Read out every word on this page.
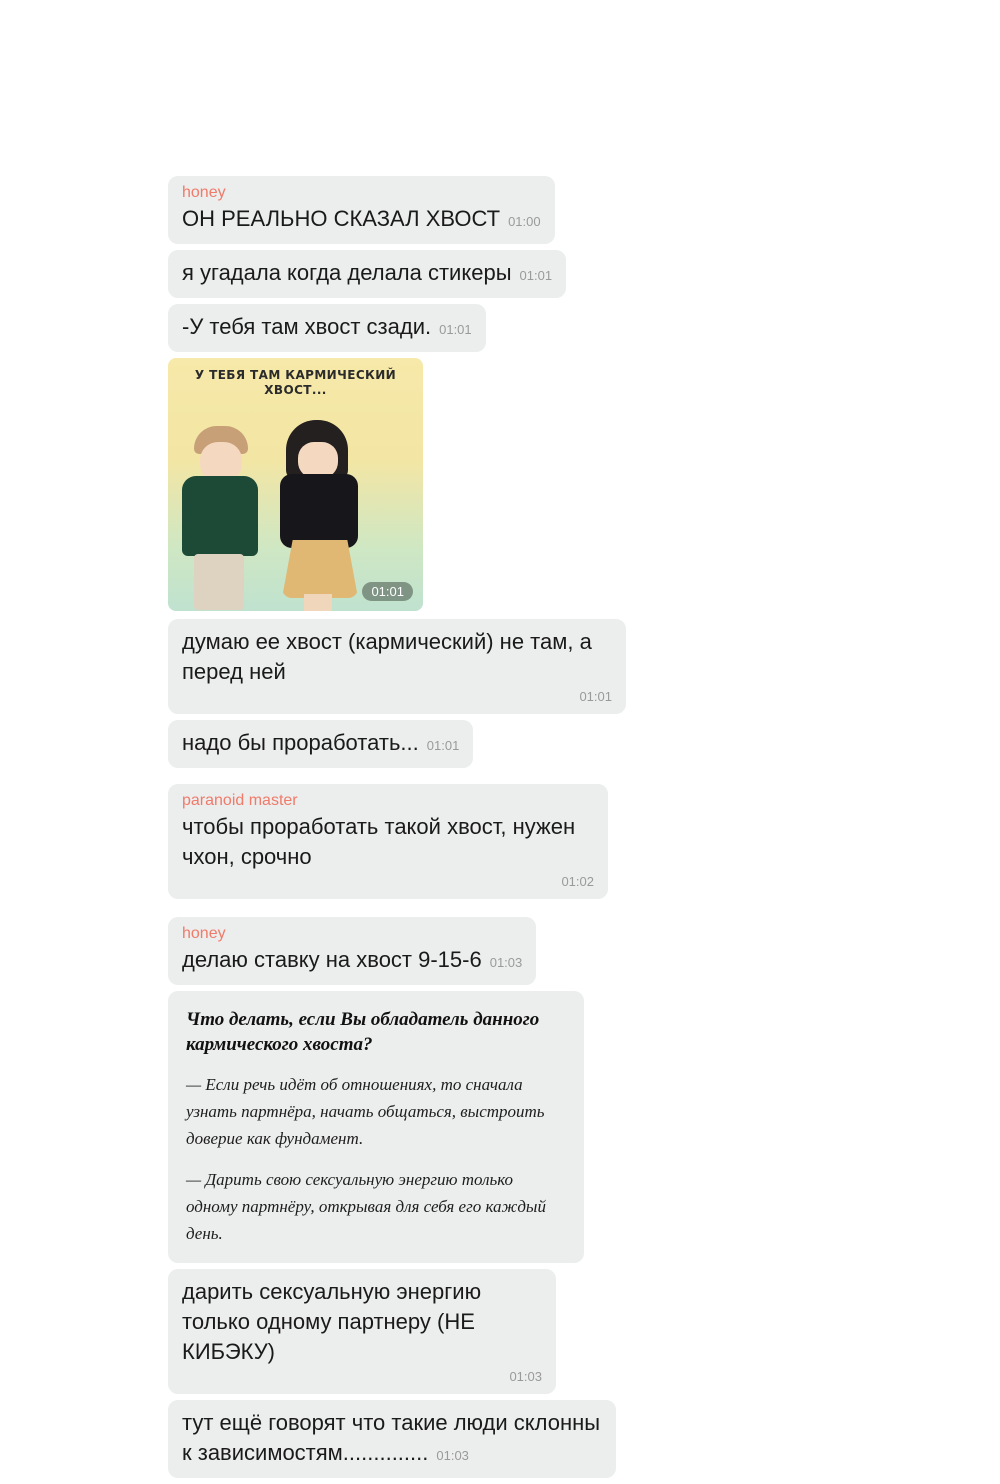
honey
ОН РЕАЛЬНО СКАЗАЛ ХВОСТ 01:00
я угадала когда делала стикеры 01:01
-У тебя там хвост сзади. 01:01
У ТЕБЯ ТАМ КАРМИЧЕСКИЙ ХВОСТ...
01:01
думаю ее хвост (кармический) не там, а перед ней
01:01
надо бы проработать... 01:01
paranoid master
чтобы проработать такой хвост, нужен чхон, срочно
01:02
honey
делаю ставку на хвост 9-15-6 01:03
Что делать, если Вы обладатель данного кармического хвоста?
— Если речь идёт об отношениях, то сначала узнать партнёра, начать общаться, выстроить доверие как фундамент.
— Дарить свою сексуальную энергию только одному партнёру, открывая для себя его каждый день.
дарить сексуальную энергию только одному партнеру (НЕ КИБЭКУ)
01:03
тут ещё говорят что такие люди склонны к зависимостям.............. 01:03
